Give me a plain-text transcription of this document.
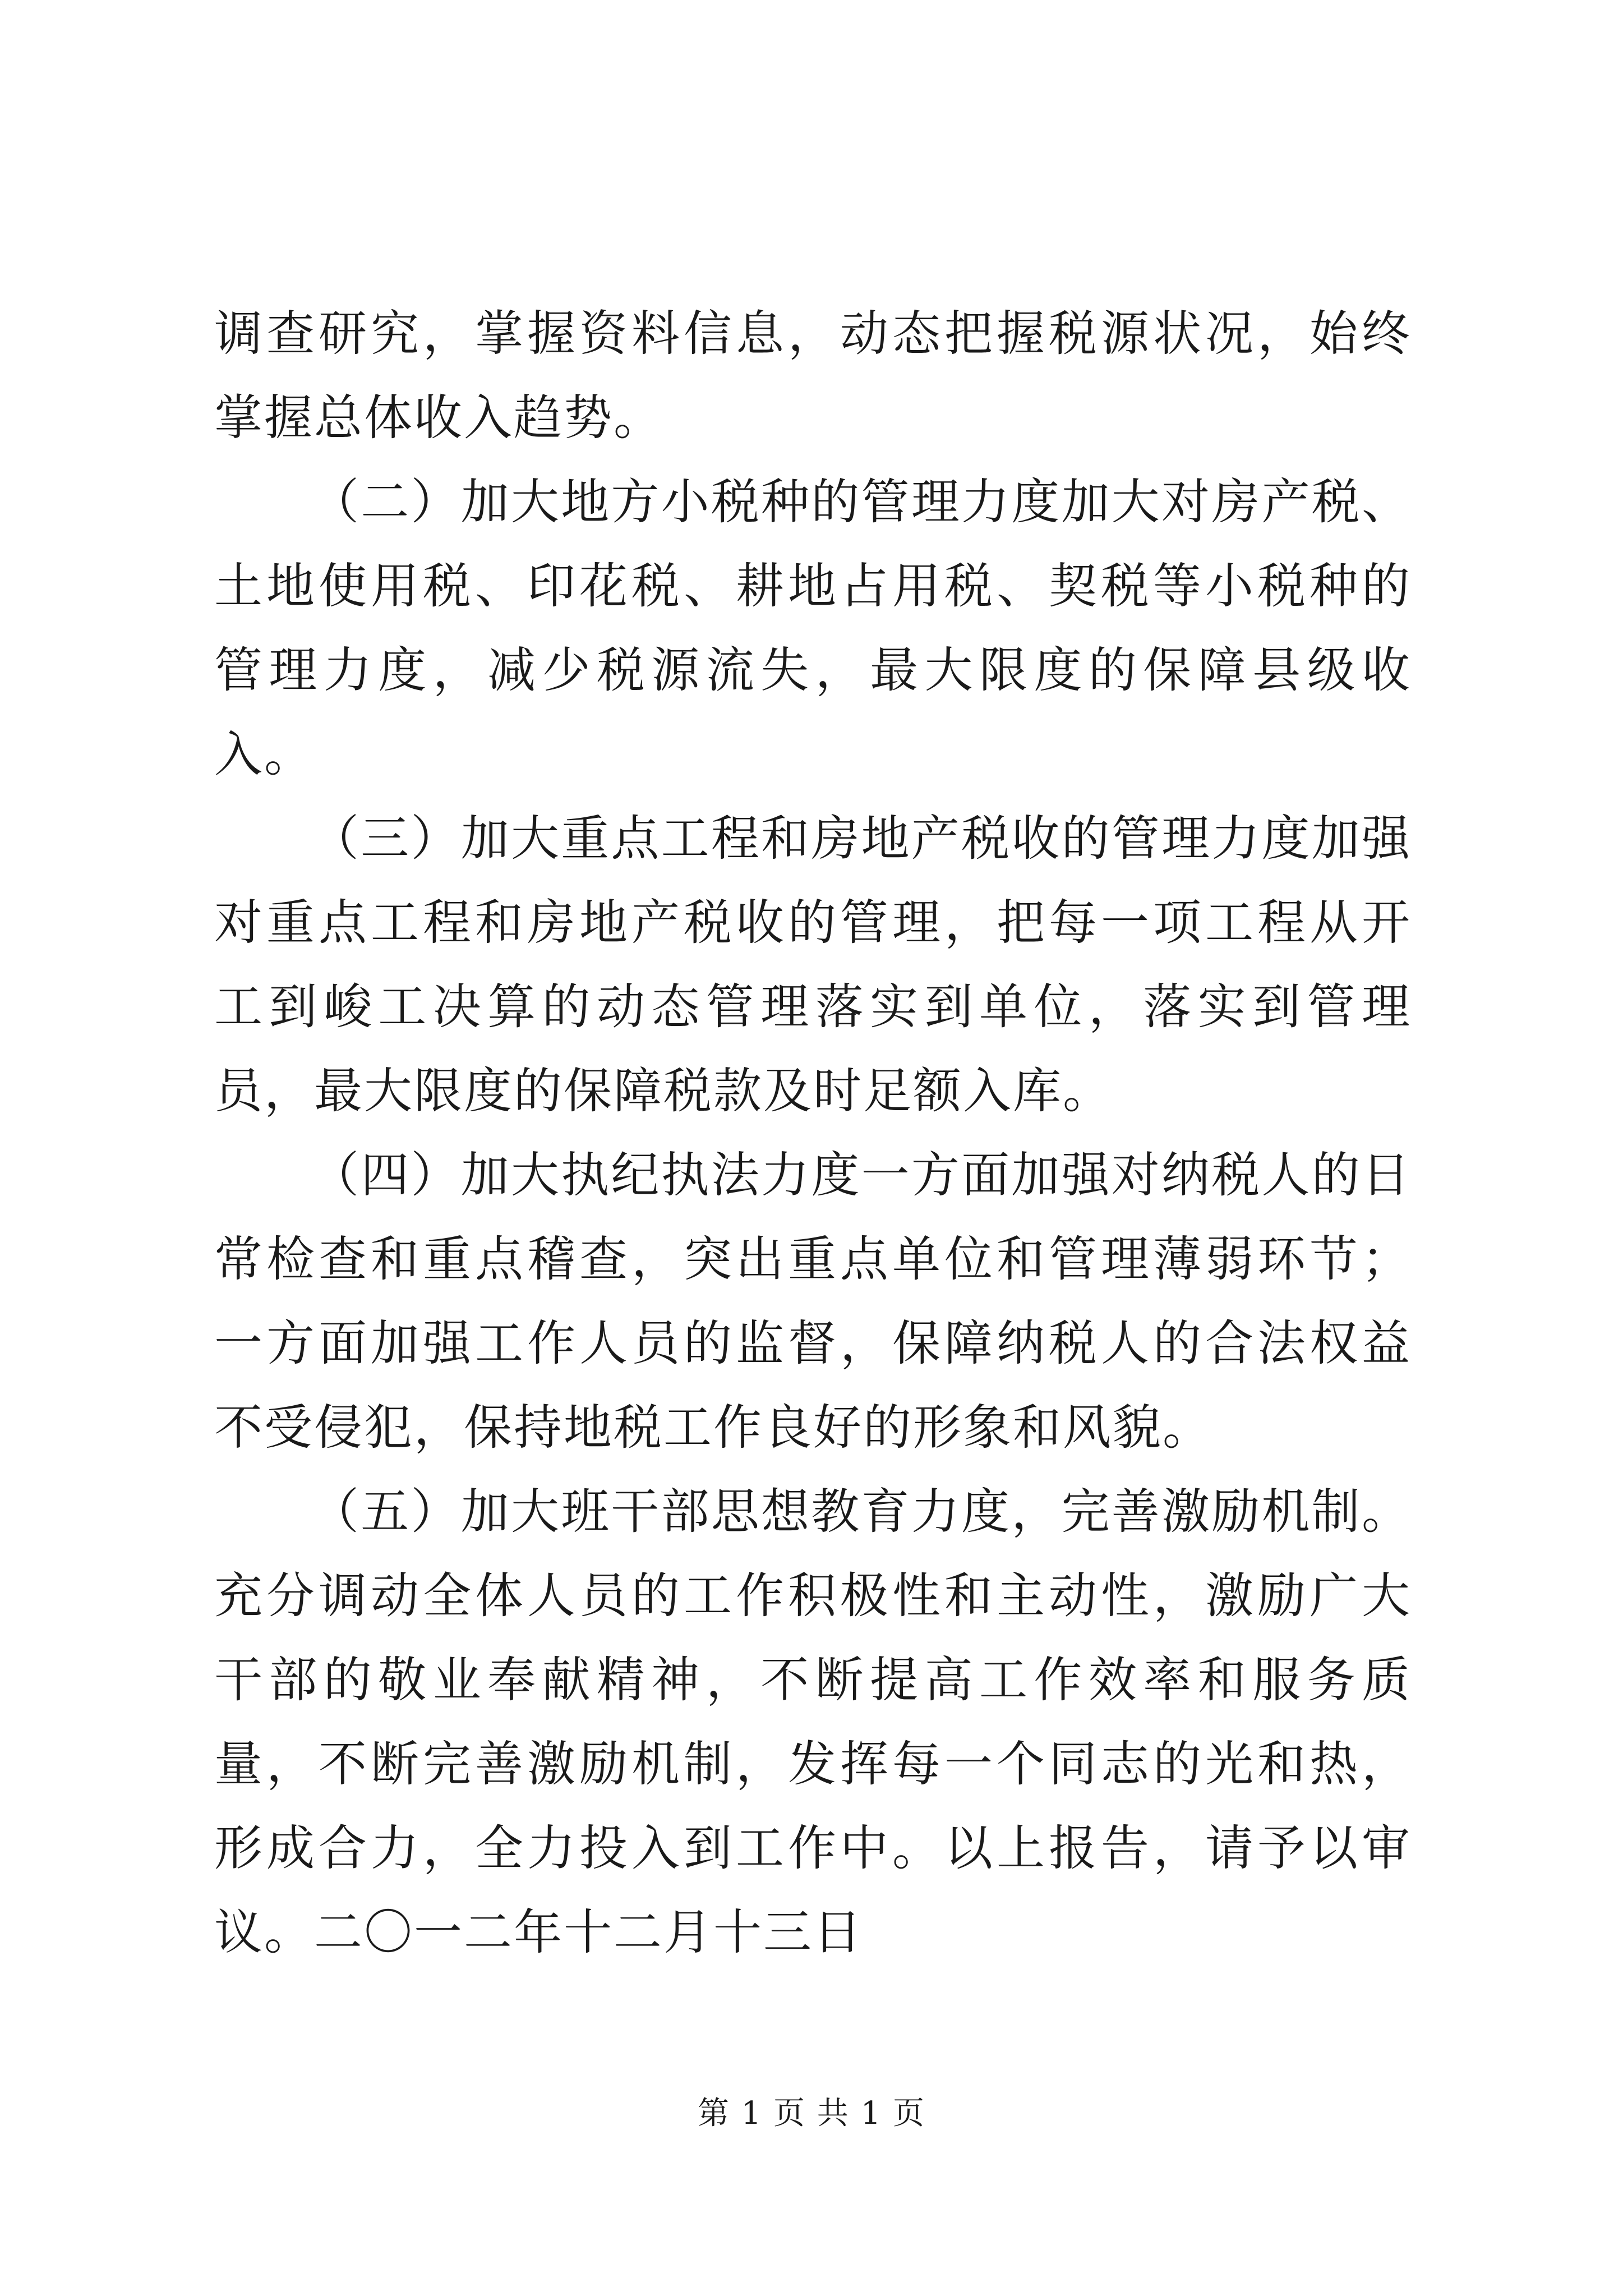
调查研究，掌握资料信息，动态把握税源状况，始终掌握总体收入趋势。

（二）加大地方小税种的管理力度加大对房产税、土地使用税、印花税、耕地占用税、契税等小税种的管理力度，减少税源流失，最大限度的保障县级收入。

（三）加大重点工程和房地产税收的管理力度加强对重点工程和房地产税收的管理，把每一项工程从开工到峻工决算的动态管理落实到单位，落实到管理员，最大限度的保障税款及时足额入库。

（四）加大执纪执法力度一方面加强对纳税人的日常检查和重点稽查，突出重点单位和管理薄弱环节；一方面加强工作人员的监督，保障纳税人的合法权益不受侵犯，保持地税工作良好的形象和风貌。

（五）加大班干部思想教育力度，完善激励机制。充分调动全体人员的工作积极性和主动性，激励广大干部的敬业奉献精神，不断提高工作效率和服务质量，不断完善激励机制，发挥每一个同志的光和热，形成合力，全力投入到工作中。以上报告，请予以审议。二〇一二年十二月十三日

第 1 页 共 1 页
